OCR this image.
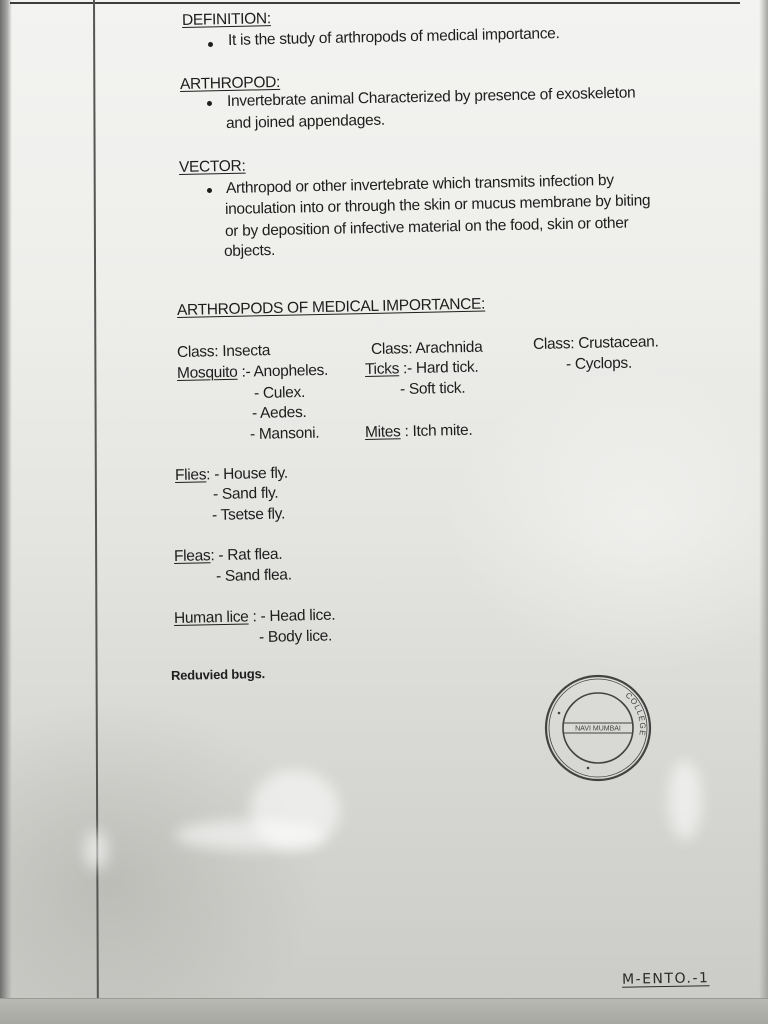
DEFINITION:
It is the study of arthropods of medical importance.
ARTHROPOD:
Invertebrate animal Characterized by presence of exoskeleton
and joined appendages.
VECTOR:
Arthropod or other invertebrate which transmits infection by
inoculation into or through the skin or mucus membrane by biting
or by deposition of infective material on the food, skin or other
objects.
ARTHROPODS OF MEDICAL IMPORTANCE:
Class: Insecta
Mosquito :- Anopheles.
- Culex.
- Aedes.
- Mansoni.
Flies: - House fly.
- Sand fly.
- Tsetse fly.
Fleas: - Rat flea.
- Sand flea.
Human lice : - Head lice.
- Body lice.
Reduvied bugs.
Class: Arachnida
Ticks :- Hard tick.
- Soft tick.
Mites : Itch mite.
Class: Crustacean.
- Cyclops.
NAVI MUMBAI
COLLEGE
M-ENTO.-1
